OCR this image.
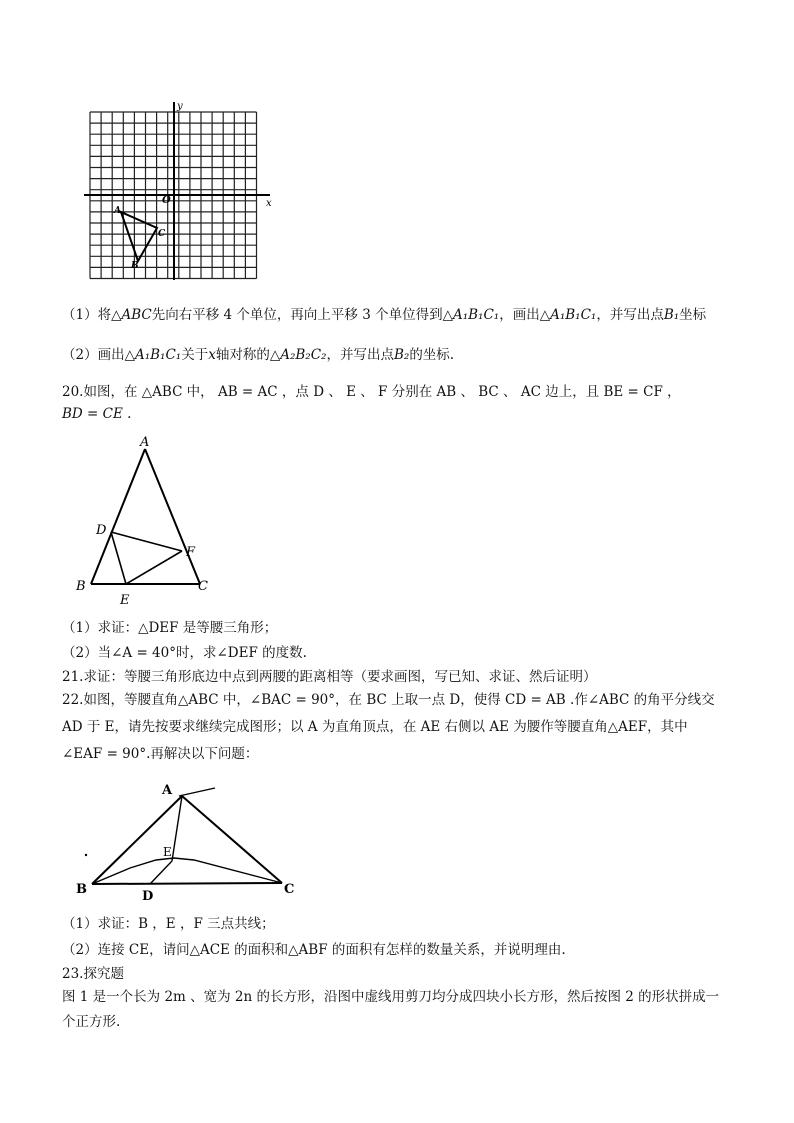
y
x
O
A
B
C
（1）将△ABC先向右平移 4 个单位，再向上平移 3 个单位得到△A₁B₁C₁，画出△A₁B₁C₁，并写出点B₁坐标
（2）画出△A₁B₁C₁关于x轴对称的△A₂B₂C₂，并写出点B₂的坐标.
20.如图，在 △ABC 中， AB = AC ，点 D 、 E 、 F 分别在 AB 、 BC 、 AC 边上，且 BE = CF ，
BD = CE .
A
B	C
D
E
F
（1）求证：△DEF 是等腰三角形；
（2）当∠A = 40°时，求∠DEF 的度数.
21.求证：等腰三角形底边中点到两腰的距离相等（要求画图，写已知、求证、然后证明）
22.如图，等腰直角△ABC 中，∠BAC = 90°，在 BC 上取一点 D，使得 CD = AB .作∠ABC 的角平分线交
AD 于 E，请先按要求继续完成图形；以 A 为直角顶点，在 AE 右侧以 AE 为腰作等腰直角△AEF，其中
∠EAF = 90°.再解决以下问题：
A
B	C
D
E
（1）求证：B ，E ，F 三点共线；
（2）连接 CE，请问△ACE 的面积和△ABF 的面积有怎样的数量关系，并说明理由.
23.探究题
图 1 是一个长为 2m 、宽为 2n 的长方形，沿图中虚线用剪刀均分成四块小长方形，然后按图 2 的形状拼成一
个正方形.
